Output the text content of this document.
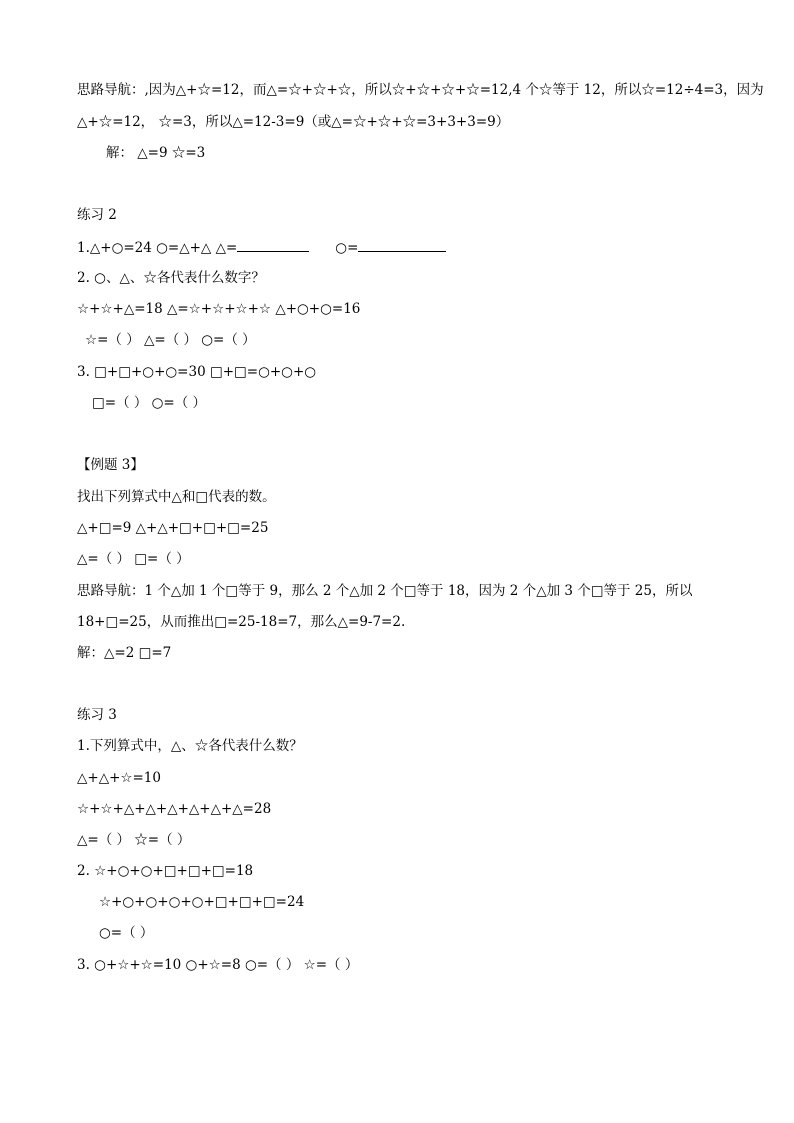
思路导航：,因为△+☆=12，而△=☆+☆+☆，所以☆+☆+☆+☆=12,4 个☆等于 12，所以☆=12÷4=3，因为
△+☆=12， ☆=3，所以△=12-3=9（或△=☆+☆+☆=3+3+3=9）
解： △=9 ☆=3
练习 2
1.△+○=24 ○=△+△ △=	○=
2. ○、△、☆各代表什么数字？
☆+☆+△=18 △=☆+☆+☆+☆ △+○+○=16
☆=（ ） △=（ ） ○=（ ）
3. □+□+○+○=30 □+□=○+○+○
□=（ ） ○=（ ）
【例题 3】
找出下列算式中△和□代表的数。
△+□=9 △+△+□+□+□=25
△=（ ） □=（ ）
思路导航：1 个△加 1 个□等于 9，那么 2 个△加 2 个□等于 18，因为 2 个△加 3 个□等于 25，所以
18+□=25，从而推出□=25-18=7，那么△=9-7=2.
解：△=2 □=7
练习 3
1.下列算式中，△、☆各代表什么数？
△+△+☆=10
☆+☆+△+△+△+△+△+△=28
△=（ ） ☆=（ ）
2. ☆+○+○+□+□+□=18
☆+○+○+○+○+□+□+□=24
○=（ ）
3. ○+☆+☆=10 ○+☆=8 ○=（ ） ☆=（ ）
